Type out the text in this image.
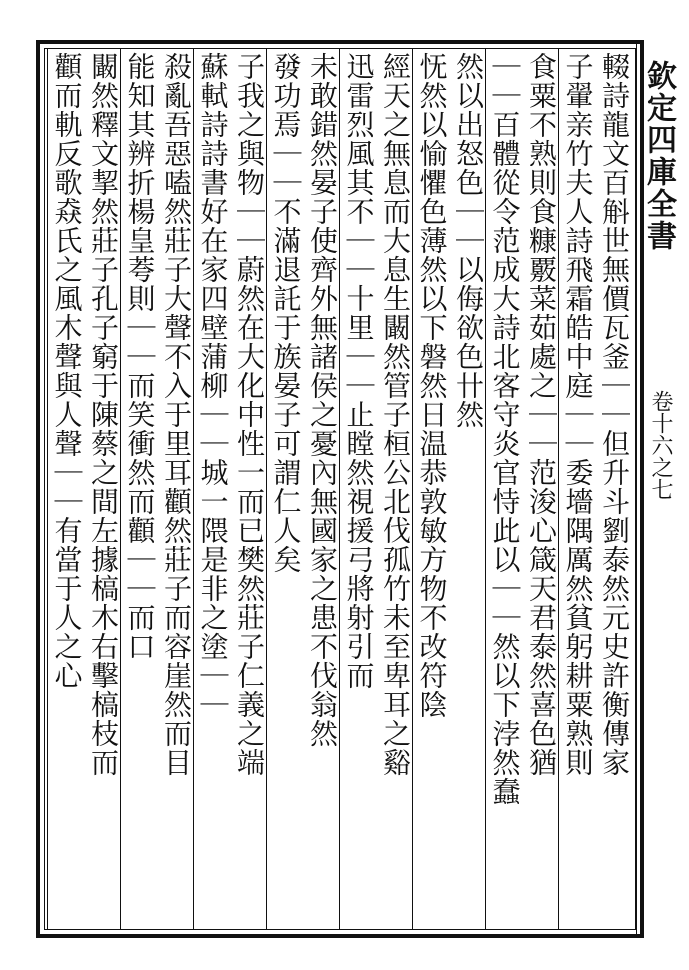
欽定四庫全書
卷十六之七
輟詩龍文百斛世無價瓦釜｜｜但升斗劉泰然元史許衡傳家
子翬亲竹夫人詩飛霜皓中庭｜｜委墻隅厲然貧躬耕粟熟則
食粟不熟則食糠覈菜茹處之｜｜范浚心箴天君泰然喜色猶
｜｜百體從令范成大詩北客守炎官恃此以｜｜然以下浡然蠢
然以出怒色｜｜以侮欲色卄然
怃然以愉懼色薄然以下磐然日温恭敦敏方物不改符陰
經天之無息而大息生闞然管子桓公北伐孤竹未至卑耳之谿
迅雷烈風其不｜｜十里｜｜止瞠然視援弓將射引而
未敢錯然晏子使齊外無諸侯之憂內無國家之患不伐翁然
發功焉｜｜不滿退託于族晏子可謂仁人矣
子我之與物｜｜蔚然在大化中性一而已樊然莊子仁義之端
蘇軾詩詩書好在家四壁蒲柳｜｜城一隈是非之塗｜｜
殺亂吾惡嗑然莊子大聲不入于里耳顴然莊子而容崖然而目
能知其辨折楊皇荂則｜｜而笑衝然而顴｜｜而口
闞然釋文挈然莊子孔子窮于陳蔡之間左據槁木右擊槁枝而
顴而軌反歌猋氏之風木聲與人聲｜｜有當于人之心
